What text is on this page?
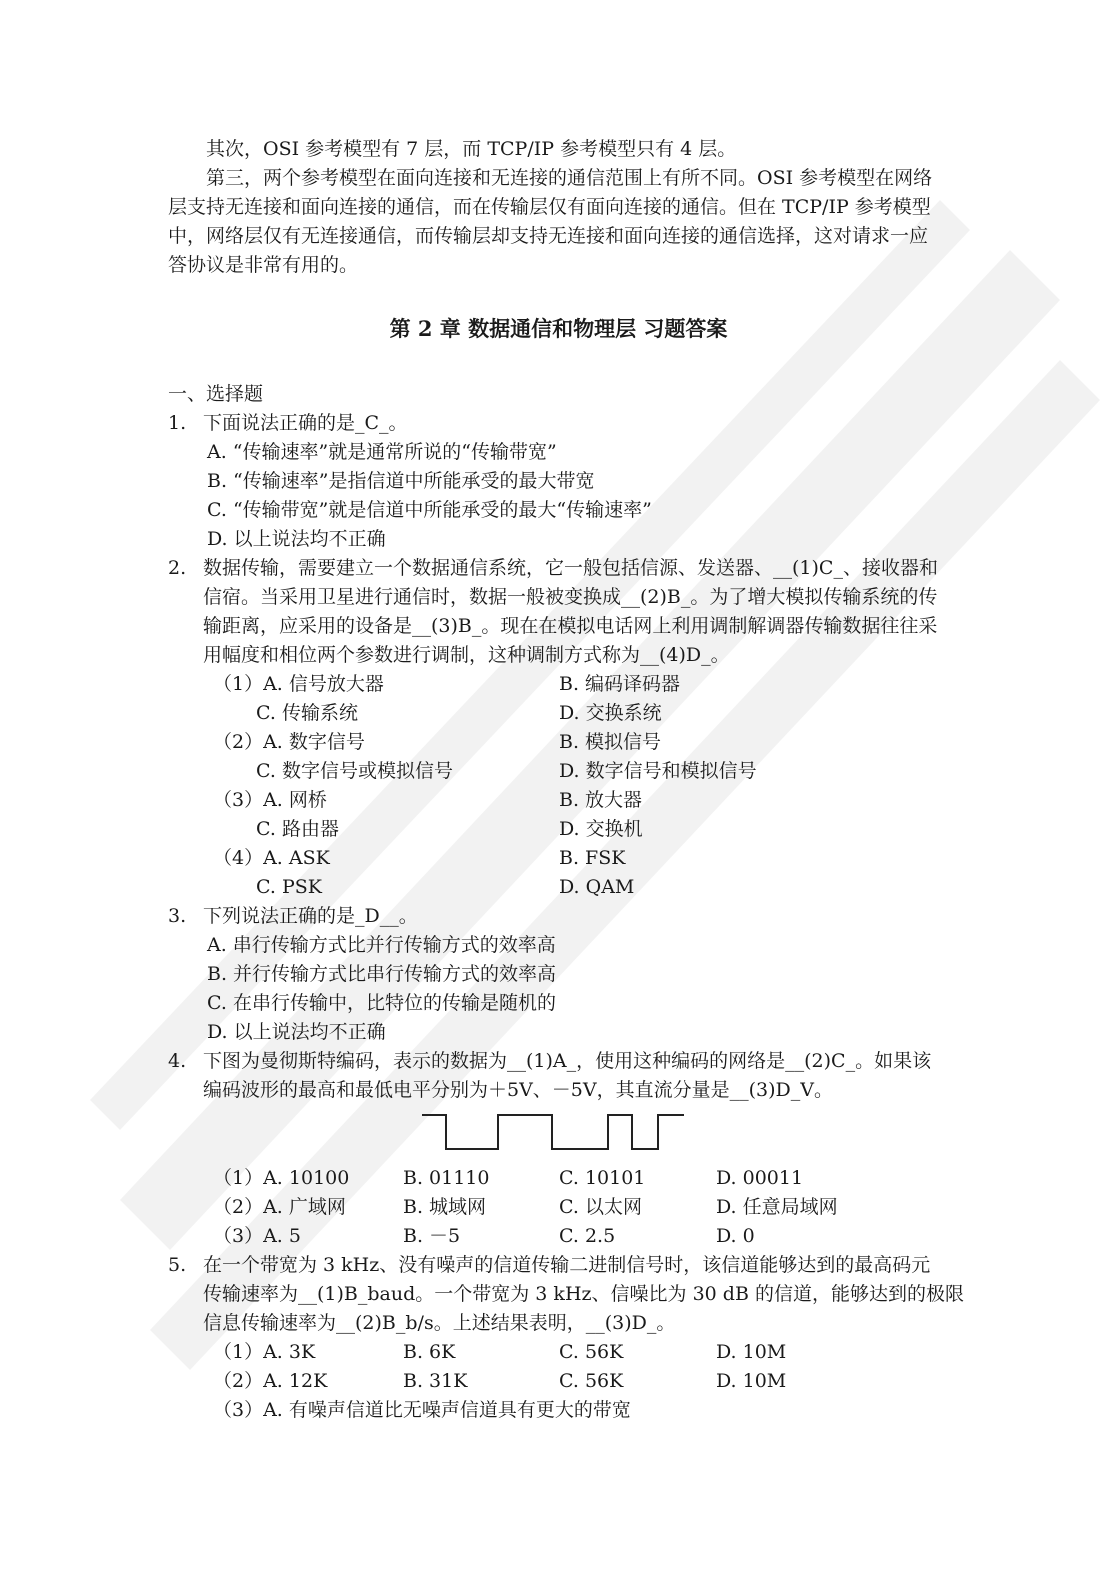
其次，OSI 参考模型有 7 层，而 TCP/IP 参考模型只有 4 层。
第三，两个参考模型在面向连接和无连接的通信范围上有所不同。OSI 参考模型在网络
层支持无连接和面向连接的通信，而在传输层仅有面向连接的通信。但在 TCP/IP 参考模型
中，网络层仅有无连接通信，而传输层却支持无连接和面向连接的通信选择，这对请求一应
答协议是非常有用的。
第 2 章 数据通信和物理层 习题答案
一、选择题
1. 下面说法正确的是_C_。
A. “传输速率”就是通常所说的“传输带宽”
B. “传输速率”是指信道中所能承受的最大带宽
C. “传输带宽”就是信道中所能承受的最大“传输速率”
D. 以上说法均不正确
2. 数据传输，需要建立一个数据通信系统，它一般包括信源、发送器、__(1)C_、接收器和
信宿。当采用卫星进行通信时，数据一般被变换成__(2)B_。为了增大模拟传输系统的传
输距离，应采用的设备是__(3)B_。现在在模拟电话网上利用调制解调器传输数据往往采
用幅度和相位两个参数进行调制，这种调制方式称为__(4)D_。
（1）A. 信号放大器	B. 编码译码器
C. 传输系统	D. 交换系统
（2）A. 数字信号	B. 模拟信号
C. 数字信号或模拟信号	D. 数字信号和模拟信号
（3）A. 网桥	B. 放大器
C. 路由器	D. 交换机
（4）A. ASK	B. FSK
C. PSK	D. QAM
3. 下列说法正确的是_D__。
A. 串行传输方式比并行传输方式的效率高
B. 并行传输方式比串行传输方式的效率高
C. 在串行传输中，比特位的传输是随机的
D. 以上说法均不正确
4. 下图为曼彻斯特编码，表示的数据为__(1)A_，使用这种编码的网络是__(2)C_。如果该
编码波形的最高和最低电平分别为＋5V、－5V，其直流分量是__(3)D_V。
（1）A. 10100	B. 01110	C. 10101	D. 00011
（2）A. 广域网	B. 城域网	C. 以太网	D. 任意局域网
（3）A. 5	B. －5	C. 2.5	D. 0
5. 在一个带宽为 3 kHz、没有噪声的信道传输二进制信号时，该信道能够达到的最高码元
传输速率为__(1)B_baud。一个带宽为 3 kHz、信噪比为 30 dB 的信道，能够达到的极限
信息传输速率为__(2)B_b/s。上述结果表明，__(3)D_。
（1）A. 3K	B. 6K	C. 56K	D. 10M
（2）A. 12K	B. 31K	C. 56K	D. 10M
（3）A. 有噪声信道比无噪声信道具有更大的带宽
